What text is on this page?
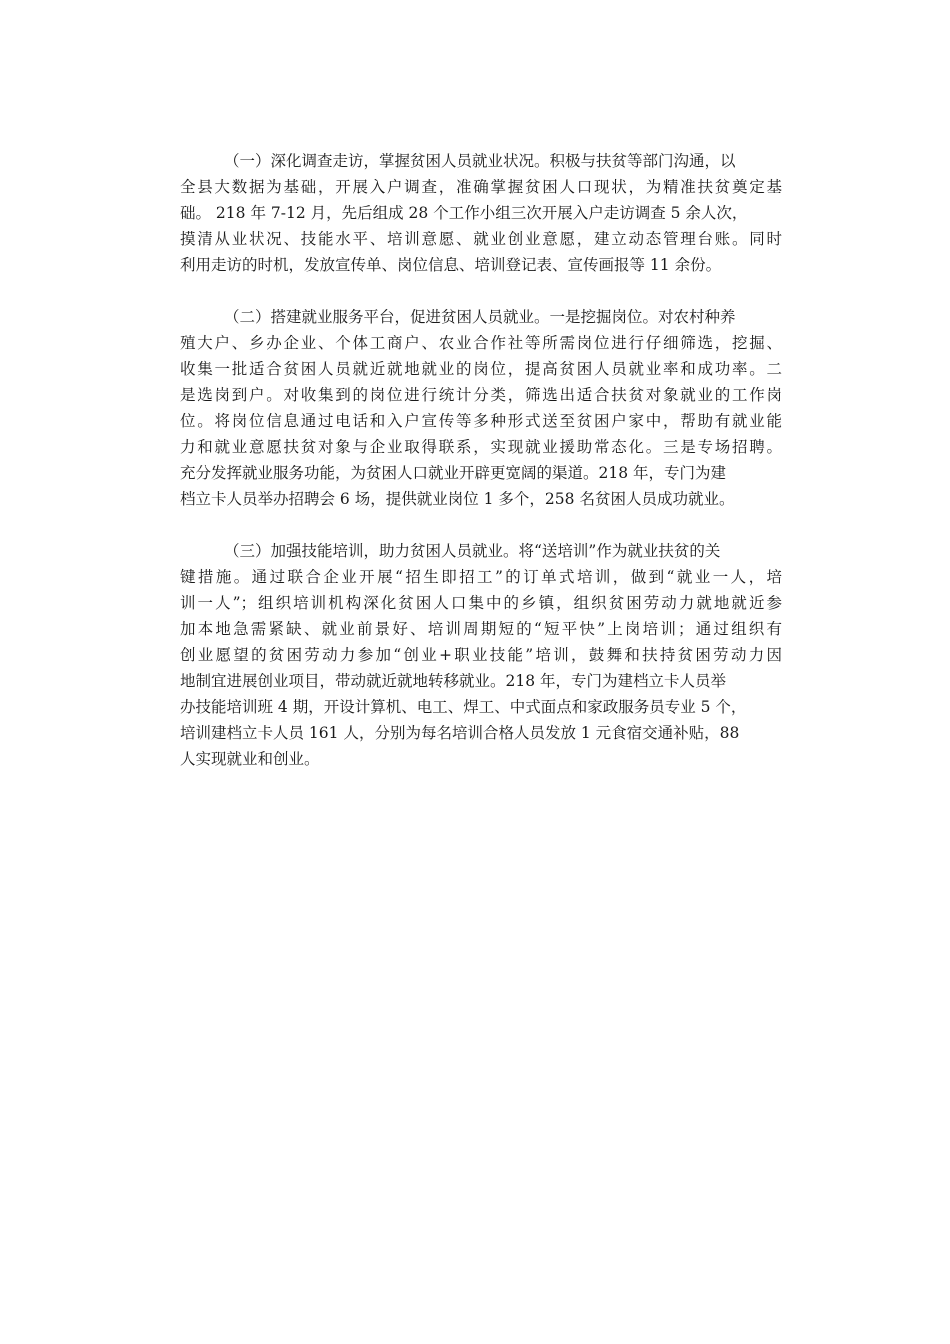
（一）深化调查走访，掌握贫困人员就业状况。积极与扶贫等部门沟通，以
全县大数据为基础，开展入户调查，准确掌握贫困人口现状，为精准扶贫奠定基
础。 218 年 7-12 月，先后组成 28 个工作小组三次开展入户走访调查 5 余人次，
摸清从业状况、技能水平、培训意愿、就业创业意愿，建立动态管理台账。同时
利用走访的时机，发放宣传单、岗位信息、培训登记表、宣传画报等 11 余份。
（二）搭建就业服务平台，促进贫困人员就业。一是挖掘岗位。对农村种养
殖大户、乡办企业、个体工商户、农业合作社等所需岗位进行仔细筛选，挖掘、
收集一批适合贫困人员就近就地就业的岗位，提高贫困人员就业率和成功率。二
是选岗到户。对收集到的岗位进行统计分类，筛选出适合扶贫对象就业的工作岗
位。将岗位信息通过电话和入户宣传等多种形式送至贫困户家中，帮助有就业能
力和就业意愿扶贫对象与企业取得联系，实现就业援助常态化。三是专场招聘。
充分发挥就业服务功能，为贫困人口就业开辟更宽阔的渠道。218 年，专门为建
档立卡人员举办招聘会 6 场，提供就业岗位 1 多个，258 名贫困人员成功就业。
（三）加强技能培训，助力贫困人员就业。将“送培训”作为就业扶贫的关
键措施。通过联合企业开展“招生即招工”的订单式培训，做到“就业一人，培
训一人”；组织培训机构深化贫困人口集中的乡镇，组织贫困劳动力就地就近参
加本地急需紧缺、就业前景好、培训周期短的“短平快”上岗培训；通过组织有
创业愿望的贫困劳动力参加“创业+职业技能”培训，鼓舞和扶持贫困劳动力因
地制宜进展创业项目，带动就近就地转移就业。218 年，专门为建档立卡人员举
办技能培训班 4 期，开设计算机、电工、焊工、中式面点和家政服务员专业 5 个，
培训建档立卡人员 161 人，分别为每名培训合格人员发放 1 元食宿交通补贴，88
人实现就业和创业。
